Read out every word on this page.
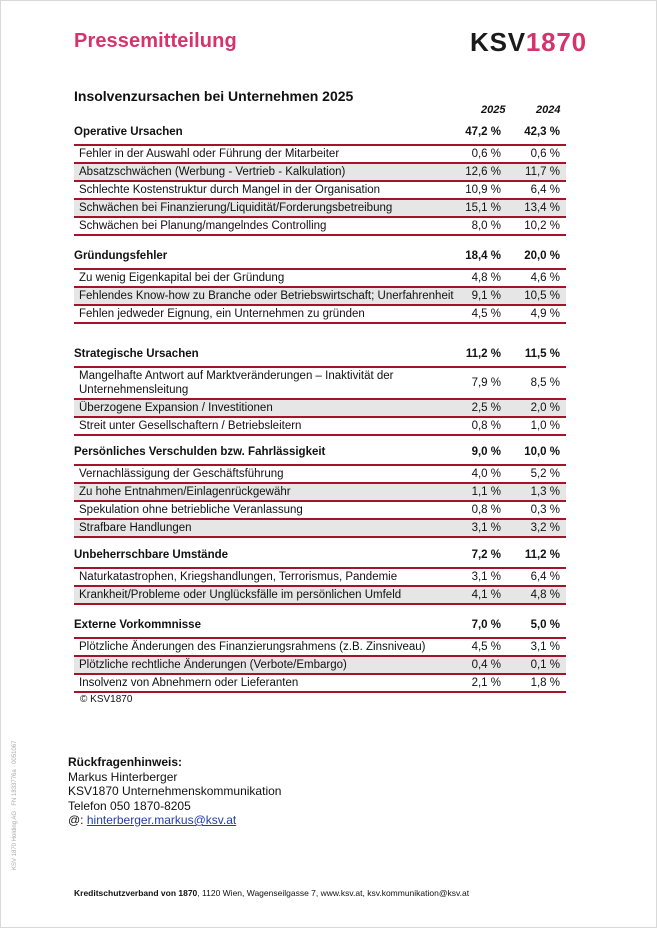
Pressemitteilung	KSV1870
Insolvenzursachen bei Unternehmen 2025
2025	2024
Operative Ursachen	47,2 % 42,3 %
Fehler in der Auswahl oder Führung der Mitarbeiter	0,6 %	0,6 %
Absatzschwächen (Werbung - Vertrieb - Kalkulation)	12,6 % 11,7 %
Schlechte Kostenstruktur durch Mangel in der Organisation	10,9 %	6,4 %
Schwächen bei Finanzierung/Liquidität/Forderungsbetreibung	15,1 % 13,4 %
Schwächen bei Planung/mangelndes Controlling	8,0 % 10,2 %
Gründungsfehler	18,4 % 20,0 %
Zu wenig Eigenkapital bei der Gründung	4,8 %	4,6 %
Fehlendes Know-how zu Branche oder Betriebswirtschaft; Unerfahrenheit	9,1 % 10,5 %
Fehlen jedweder Eignung, ein Unternehmen zu gründen	4,5 %	4,9 %
Strategische Ursachen	11,2 % 11,5 %
Mangelhafte Antwort auf Marktveränderungen – Inaktivität der Unternehmensleitung
7,9 %	8,5 %
Überzogene Expansion / Investitionen	2,5 %	2,0 %
Streit unter Gesellschaftern / Betriebsleitern	0,8 %	1,0 %
Persönliches Verschulden bzw. Fahrlässigkeit	9,0 % 10,0 %
Vernachlässigung der Geschäftsführung	4,0 %	5,2 %
Zu hohe Entnahmen/Einlagenrückgewähr	1,1 %	1,3 %
Spekulation ohne betriebliche Veranlassung	0,8 %	0,3 %
Strafbare Handlungen	3,1 %	3,2 %
Unbeherrschbare Umstände	7,2 % 11,2 %
Naturkatastrophen, Kriegshandlungen, Terrorismus, Pandemie	3,1 %	6,4 %
Krankheit/Probleme oder Unglücksfälle im persönlichen Umfeld	4,1 %	4,8 %
Externe Vorkommnisse	7,0 %	5,0 %
Plötzliche Änderungen des Finanzierungsrahmens (z.B. Zinsniveau)	4,5 %	3,1 %
Plötzliche rechtliche Änderungen (Verbote/Embargo)	0,4 %	0,1 %
Insolvenz von Abnehmern oder Lieferanten	2,1 %	1,8 %
© KSV1870
Rückfragenhinweis:
Markus Hinterberger
KSV1870 Unternehmenskommunikation
Telefon 050 1870-8205
@: hinterberger.markus@ksv.at
KSV 1870 Holding AG · FN 1833776a · 0051067
Kreditschutzverband von 1870, 1120 Wien, Wagenseilgasse 7, www.ksv.at, ksv.kommunikation@ksv.at
